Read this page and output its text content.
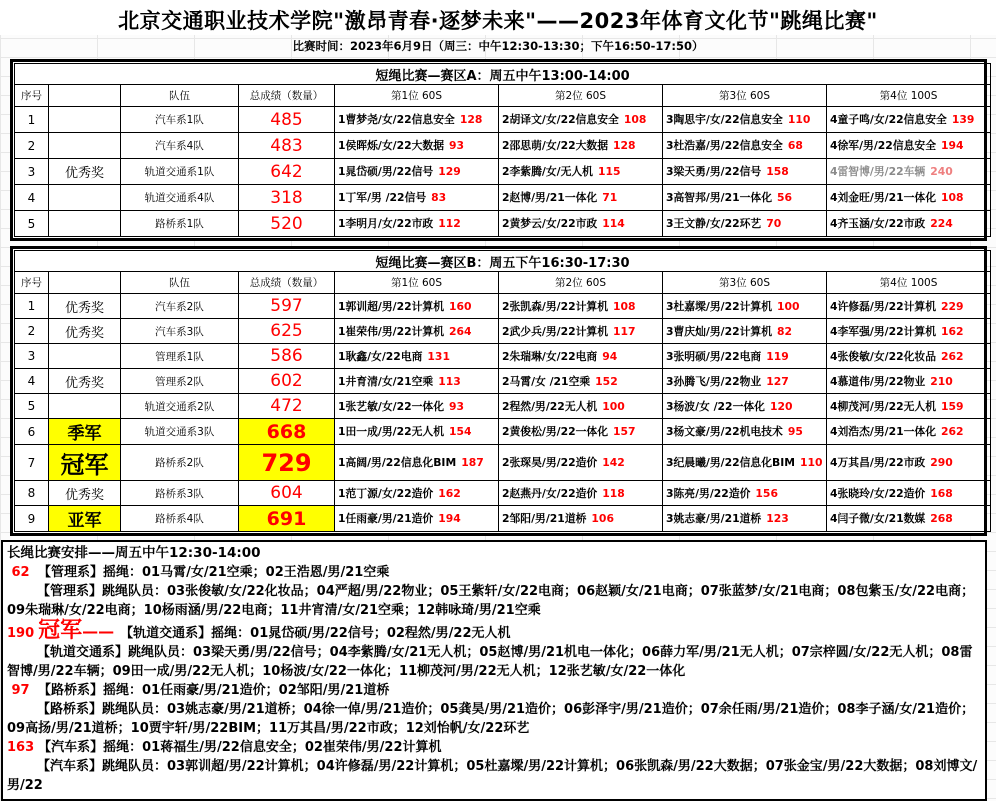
北京交通职业技术学院"激昂青春·逐梦未来"——2023年体育文化节"跳绳比赛"
比赛时间：2023年6月9日（周三：中午12:30-13:30；下午16:50-17:50）
短绳比赛—赛区A：周五中午13:00-14:00							
序号		队伍	总成绩（数量）	第1位 60S	第2位 60S	第3位 60S	第4位 100S
1		汽车系1队	485	1曹梦尧/女/22信息安全 128	2胡译文/女/22信息安全 108	3陶思宇/女/22信息安全 110	4童子鸣/女/22信息安全 139
2		汽车系4队	483	1侯晖烁/女/22大数据 93	2邵思萌/女/22大数据 128	3杜浩嘉/男/22信息安全 68	4徐军/男/22信息安全 194
3	优秀奖	轨道交通系1队	642	1晁岱硕/男/22信号 129	2李紫腾/女/无人机 115	3梁天勇/男/22信号 158	4雷智博/男/22车辆 240
4		轨道交通系4队	318	1丁军/男 /22信号 83	2赵博/男/21一体化 71	3高智邦/男/21一体化 56	4刘金旺/男/21一体化 108
5		路桥系1队	520	1李明月/女/22市政 112	2黄梦云/女/22市政 114	3王文静/女/22环艺 70	4齐玉涵/女/22市政 224
短绳比赛—赛区B：周五下午16:30-17:30							
序号		队伍	总成绩（数量）	第1位 60S	第2位 60S	第3位 60S	第4位 100S
1	优秀奖	汽车系2队	597	1郭训超/男/22计算机 160	2张凯森/男/22计算机 108	3杜嘉墚/男/22计算机 100	4许修磊/男/22计算机 229
2	优秀奖	汽车系3队	625	1崔荣伟/男/22计算机 264	2武少兵/男/22计算机 117	3曹庆灿/男/22计算机 82	4李军强/男/22计算机 162
3		管理系1队	586	1耿鑫/女/22电商 131	2朱瑞琳/女/22电商 94	3张明硕/男/22电商 119	4张俊敏/女/22化妆品 262
4	优秀奖	管理系2队	602	1井育清/女/21空乘 113	2马霄/女 /21空乘 152	3孙腾飞/男/22物业 127	4慕道伟/男/22物业 210
5		轨道交通系2队	472	1张艺敏/女/22一体化 93	2程然/男/22无人机 100	3杨波/女 /22一体化 120	4柳茂河/男/22无人机 159
6	季军	轨道交通系3队	668	1田一成/男/22无人机 154	2黄俊松/男/22一体化 157	3杨文豪/男/22机电技术 95	4刘浩杰/男/21一体化 262
7	冠军	路桥系2队	729	1高阔/男/22信息化BIM 187	2张琛昊/男/22造价 142	3纪晨曦/男/22信息化BIM 110	4万其昌/男/22市政 290
8	优秀奖	路桥系3队	604	1范丁源/女/22造价 162	2赵燕丹/女/22造价 118	3陈亮/男/22造价 156	4张晓玲/女/22造价 168
9	亚军	路桥系4队	691	1任雨豪/男/21造价 194	2邹阳/男/21道桥 106	3姚志豪/男/21道桥 123	4闫子微/女/21数媒 268
长绳比赛安排——周五中午12:30-14:00
62 【管理系】摇绳：01马霄/女/21空乘；02王浩恩/男/21空乘
【管理系】跳绳队员：03张俊敏/女/22化妆品；04严超/男/22物业；05王紫轩/女/22电商；06赵颖/女/21电商；07张蓝梦/女/21电商；08包紫玉/女/22电商；09朱瑞琳/女/22电商；10杨雨涵/男/22电商；11井宵清/女/21空乘；12韩咏琦/男/21空乘
190 冠军—— 【轨道交通系】摇绳：01晁岱硕/男/22信号；02程然/男/22无人机
【轨道交通系】跳绳队员：03梁天勇/男/22信号；04李紫腾/女/21无人机；05赵博/男/21机电一体化；06薛力军/男/21无人机；07宗梓圆/女/22无人机；08雷智博/男/22车辆；09田一成/男/22无人机；10杨波/女/22一体化；11柳茂河/男/22无人机；12张艺敏/女/22一体化
97 【路桥系】摇绳：01任雨豪/男/21造价；02邹阳/男/21道桥
【路桥系】跳绳队员：03姚志豪/男/21道桥；04徐一倬/男/21造价；05龚昊/男/21造价；06彭泽宇/男/21造价；07余任雨/男/21造价；08李子涵/女/21造价；09高扬/男/21道桥；10贾宇轩/男/22BIM；11万其昌/男/22市政；12刘怡帆/女/22环艺
163 【汽车系】摇绳：01蒋福生/男/22信息安全；02崔荣伟/男/22计算机
【汽车系】跳绳队员：03郭训超/男/22计算机；04许修磊/男/22计算机；05杜嘉墚/男/22计算机；06张凯森/男/22大数据；07张金宝/男/22大数据；08刘博文/男/22
